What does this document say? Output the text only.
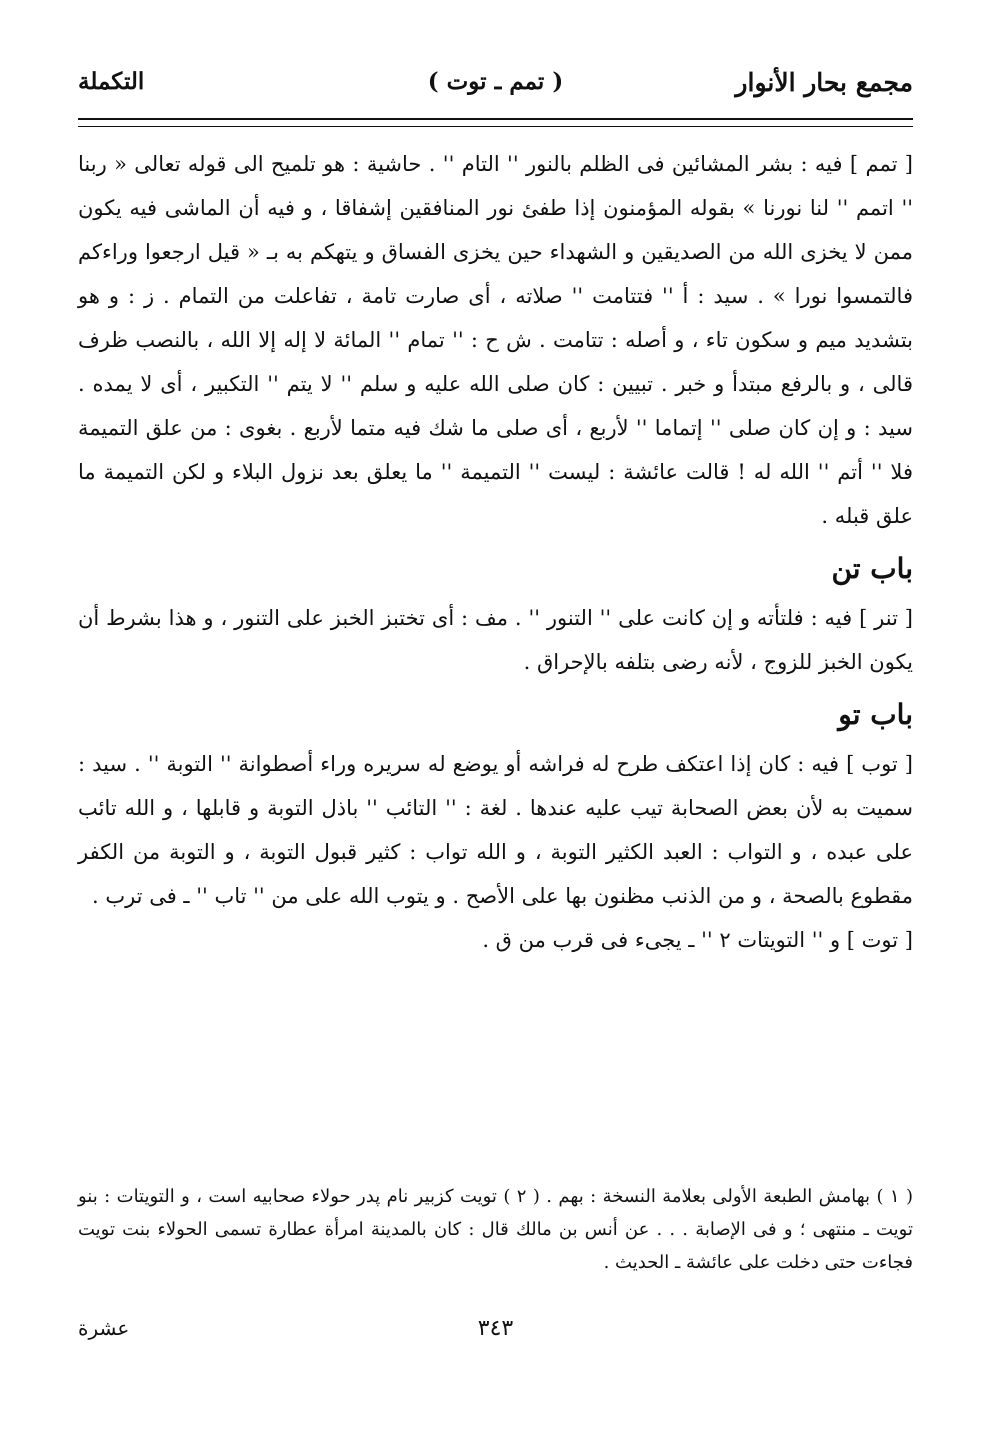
مجمع بحار الأنوار
( تمم ـ توت )
التكملة

[ تمم ] فيه : بشر المشائين فى الظلم بالنور '' التام '' . حاشية : هو تلميح الى قوله تعالى « ربنا '' اتمم '' لنا نورنا » بقوله المؤمنون إذا طفئ نور المنافقين إشفاقا ، و فيه أن الماشى فيه يكون ممن لا يخزى الله من الصديقين و الشهداء حين يخزى الفساق و يتهكم به بـ « قيل ارجعوا وراءكم فالتمسوا نورا » . سيد : أ '' فتتامت '' صلاته ، أى صارت تامة ، تفاعلت من التمام . ز : و هو بتشديد ميم و سكون تاء ، و أصله : تتامت . ش ح : '' تمام '' المائة لا إله إلا الله ، بالنصب ظرف قالى ، و بالرفع مبتدأ و خبر . تبيين : كان صلى الله عليه و سلم '' لا يتم '' التكبير ، أى لا يمده . سيد : و إن كان صلى '' إتماما '' لأربع ، أى صلى ما شك فيه متما لأربع . بغوى : من علق التميمة فلا '' أتم '' الله له ! قالت عائشة : ليست '' التميمة '' ما يعلق بعد نزول البلاء و لكن التميمة ما علق قبله .

باب تن

[ تنر ] فيه : فلتأته و إن كانت على '' التنور '' . مف : أى تختبز الخبز على التنور ، و هذا بشرط أن يكون الخبز للزوج ، لأنه رضى بتلفه بالإحراق .

باب تو

[ توب ] فيه : كان إذا اعتكف طرح له فراشه أو يوضع له سريره وراء أصطوانة '' التوبة '' . سيد : سميت به لأن بعض الصحابة تيب عليه عندها . لغة : '' التائب '' باذل التوبة و قابلها ، و الله تائب على عبده ، و التواب : العبد الكثير التوبة ، و الله تواب : كثير قبول التوبة ، و التوبة من الكفر مقطوع بالصحة ، و من الذنب مظنون بها على الأصح . و يتوب الله على من '' تاب '' ـ فى ترب .

[ توت ] و '' التويتات ٢ '' ـ يجىء فى قرب من ق .

( ١ ) بهامش الطبعة الأولى بعلامة النسخة : بهم . ( ٢ ) تويت كزبير نام پدر حولاء صحابيه است ، و التويتات : بنو تويت ـ منتهى ؛ و فى الإصابة . . . عن أنس بن مالك قال : كان بالمدينة امرأة عطارة تسمى الحولاء بنت تويت فجاءت حتى دخلت على عائشة ـ الحديث .

٣٤٣
عشرة
